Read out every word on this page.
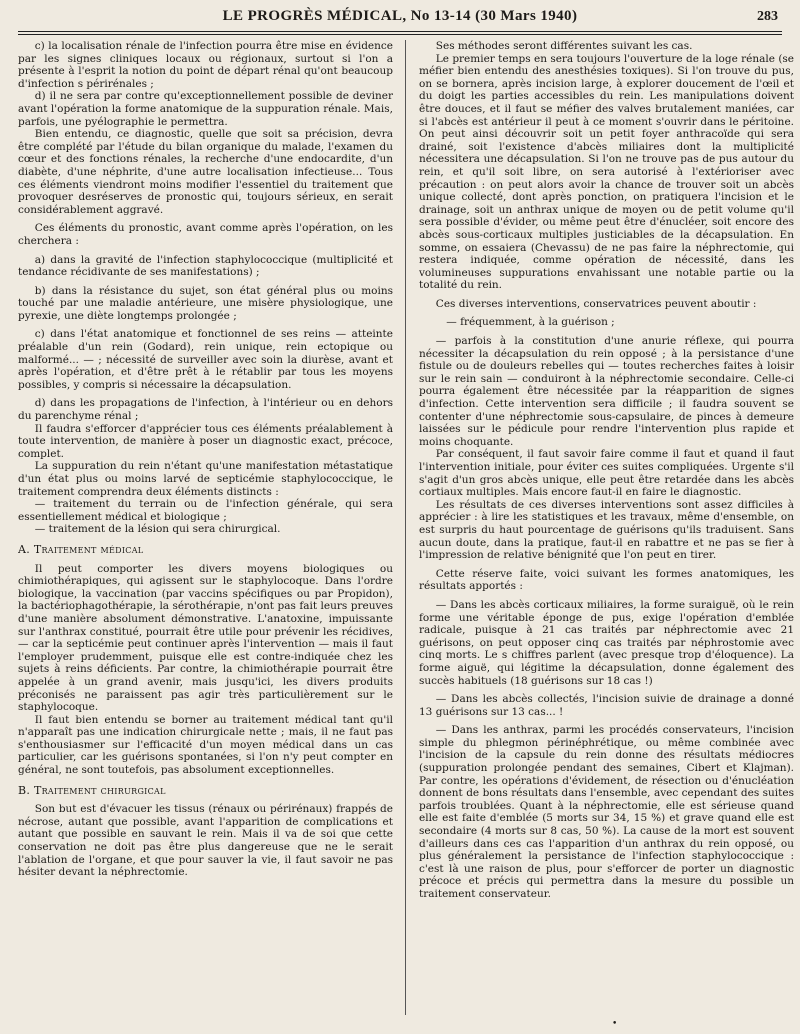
LE PROGRÈS MÉDICAL, No 13-14 (30 Mars 1940)	283

c) la localisation rénale de l'infection pourra être mise en évidence par les signes cliniques locaux ou régionaux, surtout si l'on a présente à l'esprit la notion du point de départ rénal qu'ont beaucoup d'infection s périrénales ;

d) il ne sera par contre qu'exceptionnellement possible de deviner avant l'opération la forme anatomique de la suppuration rénale. Mais, parfois, une pyélographie le permettra.

Bien entendu, ce diagnostic, quelle que soit sa précision, devra être complété par l'étude du bilan organique du malade, l'examen du cœur et des fonctions rénales, la recherche d'une endocardite, d'un diabète, d'une néphrite, d'une autre localisation infectieuse... Tous ces éléments viendront moins modifier l'essentiel du traitement que provoquer desréserves de pronostic qui, toujours sérieux, en serait considérablement aggravé.

Ces éléments du pronostic, avant comme après l'opération, on les cherchera :

a) dans la gravité de l'infection staphylococcique (multiplicité et tendance récidivante de ses manifestations) ;

b) dans la résistance du sujet, son état général plus ou moins touché par une maladie antérieure, une misère physiologique, une pyrexie, une diète longtemps prolongée ;

c) dans l'état anatomique et fonctionnel de ses reins — atteinte préalable d'un rein (Godard), rein unique, rein ectopique ou malformé... — ; nécessité de surveiller avec soin la diurèse, avant et après l'opération, et d'être prêt à le rétablir par tous les moyens possibles, y compris si nécessaire la décapsulation.

d) dans les propagations de l'infection, à l'intérieur ou en dehors du parenchyme rénal ;

Il faudra s'efforcer d'apprécier tous ces éléments préalablement à toute intervention, de manière à poser un diagnostic exact, précoce, complet.

La suppuration du rein n'étant qu'une manifestation métastatique d'un état plus ou moins larvé de septicémie staphylococcique, le traitement comprendra deux éléments distincts :

— traitement du terrain ou de l'infection générale, qui sera essentiellement médical et biologique ;

— traitement de la lésion qui sera chirurgical.

A. Traitement médical

Il peut comporter les divers moyens biologiques ou chimiothérapiques, qui agissent sur le staphylocoque. Dans l'ordre biologique, la vaccination (par vaccins spécifiques ou par Propidon), la bactériophagothérapie, la sérothérapie, n'ont pas fait leurs preuves d'une manière absolument démonstrative. L'anatoxine, impuissante sur l'anthrax constitué, pourrait être utile pour prévenir les récidives, — car la septicémie peut continuer après l'intervention — mais il faut l'employer prudemment, puisque elle est contre-indiquée chez les sujets à reins déficients. Par contre, la chimiothérapie pourrait être appelée à un grand avenir, mais jusqu'ici, les divers produits préconisés ne paraissent pas agir très particulièrement sur le staphylocoque.

Il faut bien entendu se borner au traitement médical tant qu'il n'apparaît pas une indication chirurgicale nette ; mais, il ne faut pas s'enthousiasmer sur l'efficacité d'un moyen médical dans un cas particulier, car les guérisons spontanées, si l'on n'y peut compter en général, ne sont toutefois, pas absolument exceptionnelles.

B. Traitement chirurgical

Son but est d'évacuer les tissus (rénaux ou périrénaux) frappés de nécrose, autant que possible, avant l'apparition de complications et autant que possible en sauvant le rein. Mais il va de soi que cette conservation ne doit pas être plus dangereuse que ne le serait l'ablation de l'organe, et que pour sauver la vie, il faut savoir ne pas hésiter devant la néphrectomie.

Ses méthodes seront différentes suivant les cas.

Le premier temps en sera toujours l'ouverture de la loge rénale (se méfier bien entendu des anesthésies toxiques). Si l'on trouve du pus, on se bornera, après incision large, à explorer doucement de l'œil et du doigt les parties accessibles du rein. Les manipulations doivent être douces, et il faut se méfier des valves brutalement maniées, car si l'abcès est antérieur il peut à ce moment s'ouvrir dans le péritoine. On peut ainsi découvrir soit un petit foyer anthracoïde qui sera drainé, soit l'existence d'abcès miliaires dont la multiplicité nécessitera une décapsulation. Si l'on ne trouve pas de pus autour du rein, et qu'il soit libre, on sera autorisé à l'extérioriser avec précaution : on peut alors avoir la chance de trouver soit un abcès unique collecté, dont après ponction, on pratiquera l'incision et le drainage, soit un anthrax unique de moyen ou de petit volume qu'il sera possible d'évider, ou même peut être d'énucléer, soit encore des abcès sous-corticaux multiples justiciables de la décapsulation. En somme, on essaiera (Chevassu) de ne pas faire la néphrectomie, qui restera indiquée, comme opération de nécessité, dans les volumineuses suppurations envahissant une notable partie ou la totalité du rein.

Ces diverses interventions, conservatrices peuvent aboutir :

— fréquemment, à la guérison ;

— parfois à la constitution d'une anurie réflexe, qui pourra nécessiter la décapsulation du rein opposé ; à la persistance d'une fistule ou de douleurs rebelles qui — toutes recherches faites à loisir sur le rein sain — conduiront à la néphrectomie secondaire. Celle-ci pourra également être nécessitée par la réapparition de signes d'infection. Cette intervention sera difficile ; il faudra souvent se contenter d'une néphrectomie sous-capsulaire, de pinces à demeure laissées sur le pédicule pour rendre l'intervention plus rapide et moins choquante.

Par conséquent, il faut savoir faire comme il faut et quand il faut l'intervention initiale, pour éviter ces suites compliquées. Urgente s'il s'agit d'un gros abcès unique, elle peut être retardée dans les abcès cortiaux multiples. Mais encore faut-il en faire le diagnostic.

Les résultats de ces diverses interventions sont assez difficiles à apprécier : à lire les statistiques et les travaux, même d'ensemble, on est surpris du haut pourcentage de guérisons qu'ils traduisent. Sans aucun doute, dans la pratique, faut-il en rabattre et ne pas se fier à l'impression de relative bénignité que l'on peut en tirer.

Cette réserve faite, voici suivant les formes anatomiques, les résultats apportés :

— Dans les abcès corticaux miliaires, la forme suraiguë, où le rein forme une véritable éponge de pus, exige l'opération d'emblée radicale, puisque à 21 cas traités par néphrectomie avec 21 guérisons, on peut opposer cinq cas traités par néphrostomie avec cinq morts. Le s chiffres parlent (avec presque trop d'éloquence). La forme aiguë, qui légitime la décapsulation, donne également des succès habituels (18 guérisons sur 18 cas !)

— Dans les abcès collectés, l'incision suivie de drainage a donné 13 guérisons sur 13 cas... !

— Dans les anthrax, parmi les procédés conservateurs, l'incision simple du phlegmon périnéphrétique, ou même combinée avec l'incision de la capsule du rein donne des résultats médiocres (suppuration prolongée pendant des semaines, Cibert et Klajman). Par contre, les opérations d'évidement, de résection ou d'énucléation donnent de bons résultats dans l'ensemble, avec cependant des suites parfois troublées. Quant à la néphrectomie, elle est sérieuse quand elle est faite d'emblée (5 morts sur 34, 15 %) et grave quand elle est secondaire (4 morts sur 8 cas, 50 %). La cause de la mort est souvent d'ailleurs dans ces cas l'apparition d'un anthrax du rein opposé, ou plus généralement la persistance de l'infection staphylococcique : c'est là une raison de plus, pour s'efforcer de porter un diagnostic précoce et précis qui permettra dans la mesure du possible un traitement conservateur.

•
